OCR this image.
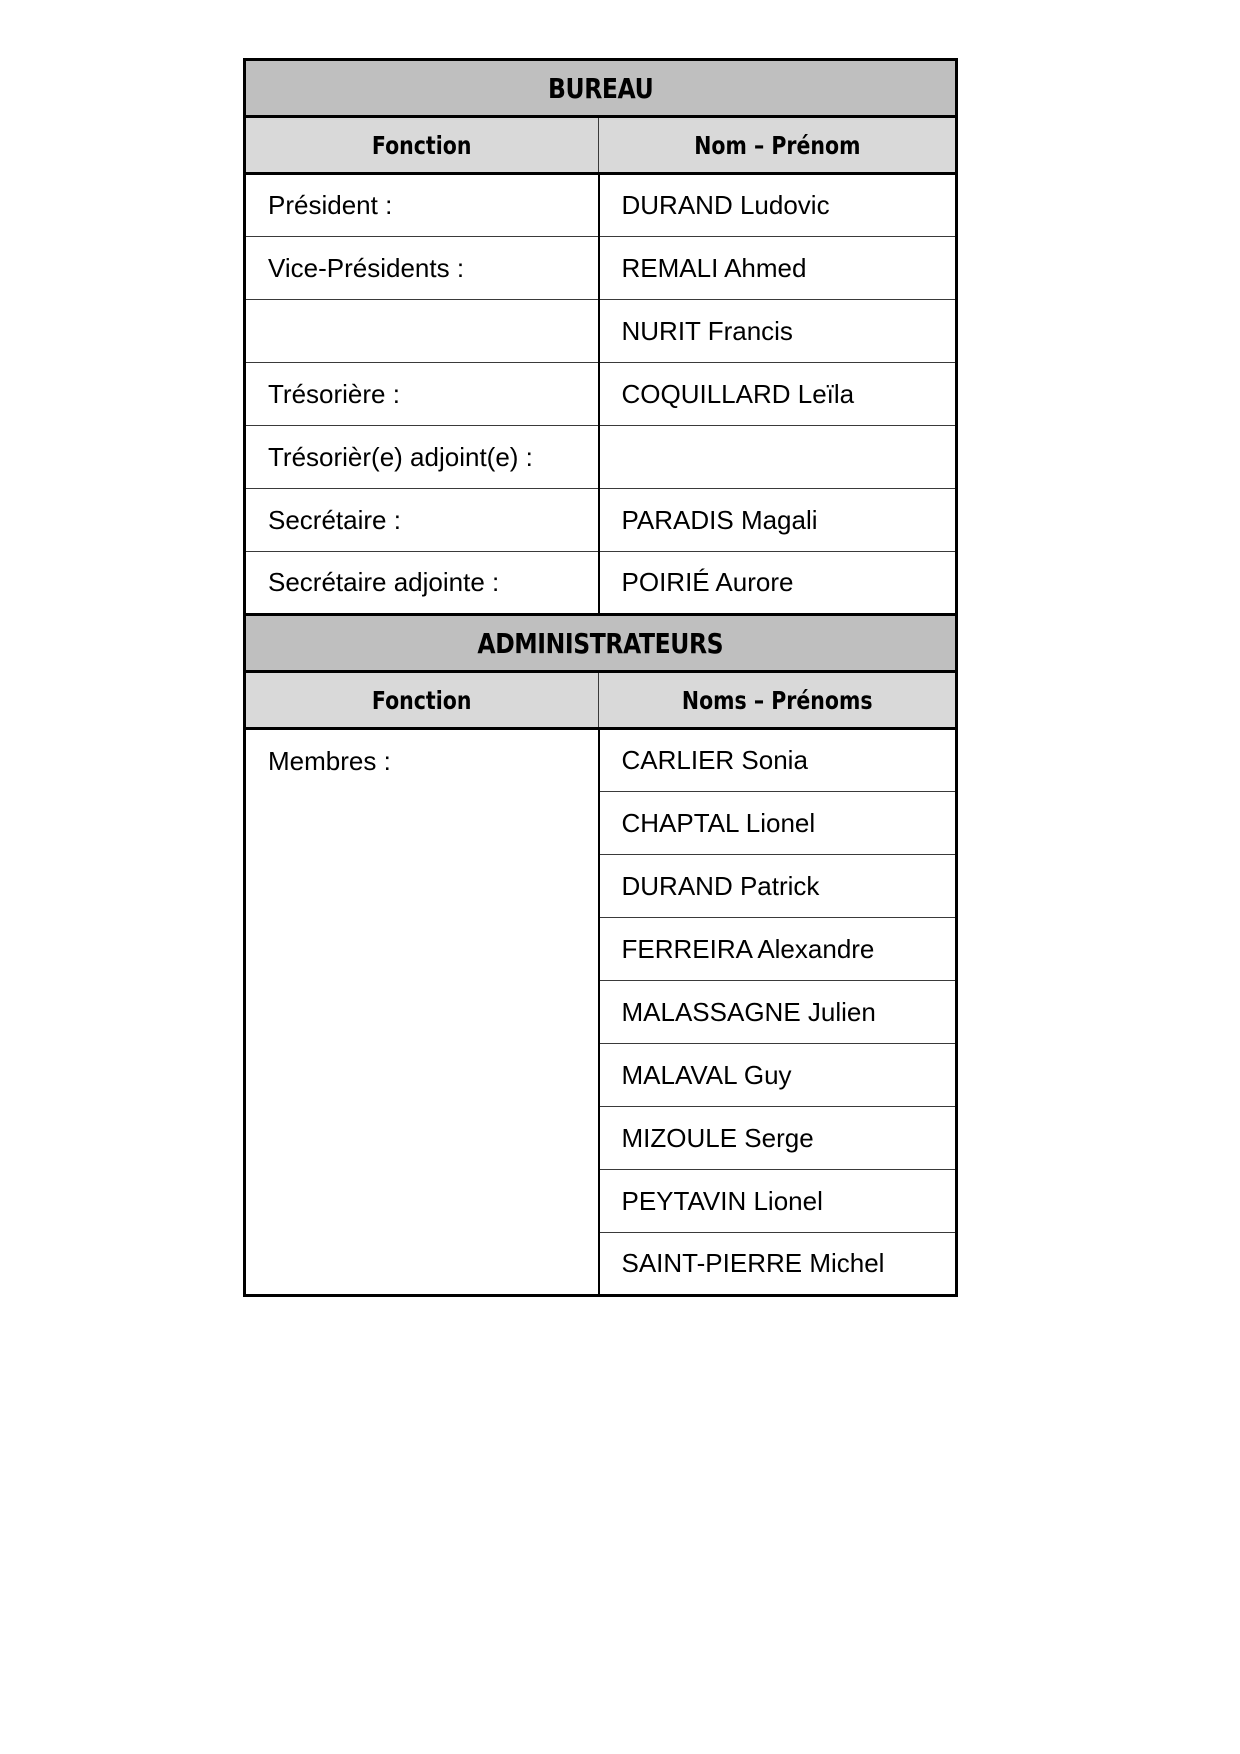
BUREAU	
Fonction	Nom – Prénom
Président :	DURAND Ludovic
Vice-Présidents :	REMALI Ahmed
	NURIT Francis
Trésorière :	COQUILLARD Leïla
Trésorièr(e) adjoint(e) :	
Secrétaire :	PARADIS Magali
Secrétaire adjointe :	POIRIÉ Aurore
ADMINISTRATEURS	
Fonction	Noms – Prénoms
Membres :	CARLIER Sonia
	CHAPTAL Lionel
	DURAND Patrick
	FERREIRA Alexandre
	MALASSAGNE Julien
	MALAVAL Guy
	MIZOULE Serge
	PEYTAVIN Lionel
	SAINT-PIERRE Michel
